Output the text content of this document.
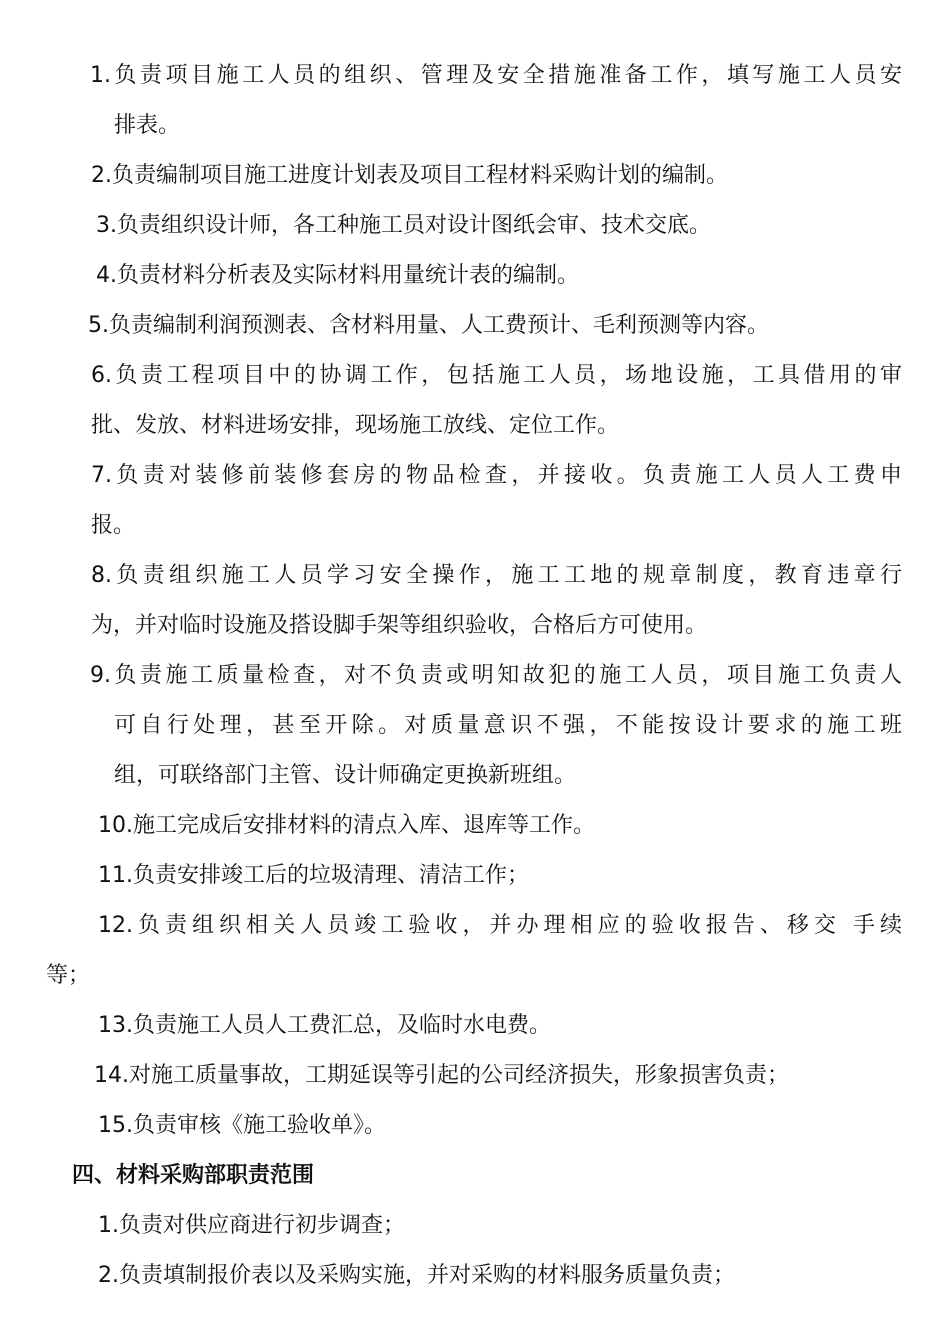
1.负责项目施工人员的组织、管理及安全措施准备工作，填写施工人员安
排表。
2.负责编制项目施工进度计划表及项目工程材料采购计划的编制。
3.负责组织设计师，各工种施工员对设计图纸会审、技术交底。
4.负责材料分析表及实际材料用量统计表的编制。
5.负责编制利润预测表、含材料用量、人工费预计、毛利预测等内容。
6.负责工程项目中的协调工作，包括施工人员，场地设施，工具借用的审
批、发放、材料进场安排，现场施工放线、定位工作。
7.负责对装修前装修套房的物品检查，并接收。负责施工人员人工费申
报。
8.负责组织施工人员学习安全操作，施工工地的规章制度，教育违章行
为，并对临时设施及搭设脚手架等组织验收，合格后方可使用。
9.负责施工质量检查，对不负责或明知故犯的施工人员，项目施工负责人
可自行处理，甚至开除。对质量意识不强，不能按设计要求的施工班
组，可联络部门主管、设计师确定更换新班组。
10.施工完成后安排材料的清点入库、退库等工作。
11.负责安排竣工后的垃圾清理、清洁工作；
12.负责组织相关人员竣工验收，并办理相应的验收报告、移交 手续
等；
13.负责施工人员人工费汇总，及临时水电费。
14.对施工质量事故，工期延误等引起的公司经济损失，形象损害负责；
15.负责审核《施工验收单》。
四、材料采购部职责范围
1.负责对供应商进行初步调查；
2.负责填制报价表以及采购实施，并对采购的材料服务质量负责；
